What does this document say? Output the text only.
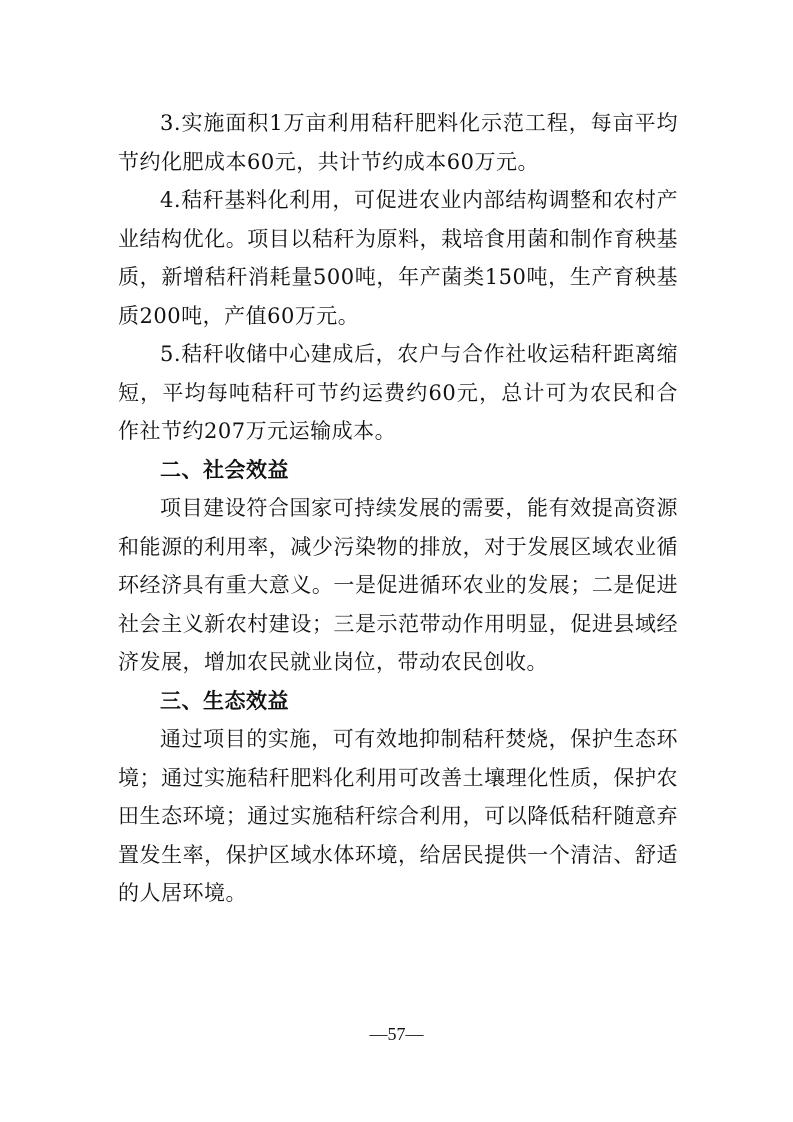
3.实施面积1万亩利用秸秆肥料化示范工程，每亩平均节约化肥成本60元，共计节约成本60万元。

4.秸秆基料化利用，可促进农业内部结构调整和农村产业结构优化。项目以秸秆为原料，栽培食用菌和制作育秧基质，新增秸秆消耗量500吨，年产菌类150吨，生产育秧基质200吨，产值60万元。

5.秸秆收储中心建成后，农户与合作社收运秸秆距离缩短，平均每吨秸秆可节约运费约60元，总计可为农民和合作社节约207万元运输成本。

二、社会效益

项目建设符合国家可持续发展的需要，能有效提高资源和能源的利用率，减少污染物的排放，对于发展区域农业循环经济具有重大意义。一是促进循环农业的发展；二是促进社会主义新农村建设；三是示范带动作用明显，促进县域经济发展，增加农民就业岗位，带动农民创收。

三、生态效益

通过项目的实施，可有效地抑制秸秆焚烧，保护生态环境；通过实施秸秆肥料化利用可改善土壤理化性质，保护农田生态环境；通过实施秸秆综合利用，可以降低秸秆随意弃置发生率，保护区域水体环境，给居民提供一个清洁、舒适的人居环境。

—57—
